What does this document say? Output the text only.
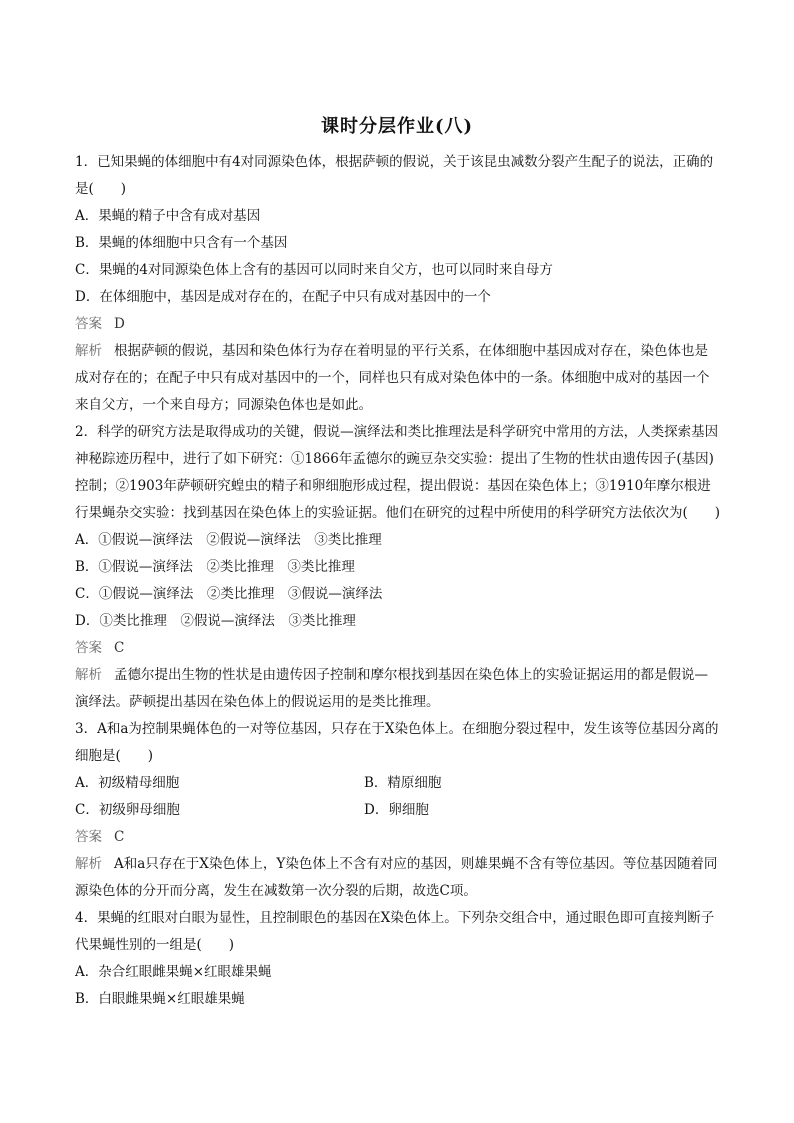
课时分层作业(八)

1．已知果蝇的体细胞中有4对同源染色体，根据萨顿的假说，关于该昆虫减数分裂产生配子的说法，正确的是(　　)

A．果蝇的精子中含有成对基因

B．果蝇的体细胞中只含有一个基因

C．果蝇的4对同源染色体上含有的基因可以同时来自父方，也可以同时来自母方

D．在体细胞中，基因是成对存在的，在配子中只有成对基因中的一个

答案 D

解析 根据萨顿的假说，基因和染色体行为存在着明显的平行关系，在体细胞中基因成对存在，染色体也是成对存在的；在配子中只有成对基因中的一个，同样也只有成对染色体中的一条。体细胞中成对的基因一个来自父方，一个来自母方；同源染色体也是如此。

2．科学的研究方法是取得成功的关键，假说—演绎法和类比推理法是科学研究中常用的方法，人类探索基因神秘踪迹历程中，进行了如下研究：①1866年孟德尔的豌豆杂交实验：提出了生物的性状由遗传因子(基因)控制；②1903年萨顿研究蝗虫的精子和卵细胞形成过程，提出假说：基因在染色体上；③1910年摩尔根进行果蝇杂交实验：找到基因在染色体上的实验证据。他们在研究的过程中所使用的科学研究方法依次为(　　)

A．①假说—演绎法　②假说—演绎法　③类比推理

B．①假说—演绎法　②类比推理　③类比推理

C．①假说—演绎法　②类比推理　③假说—演绎法

D．①类比推理　②假说—演绎法　③类比推理

答案 C

解析 孟德尔提出生物的性状是由遗传因子控制和摩尔根找到基因在染色体上的实验证据运用的都是假说—演绎法。萨顿提出基因在染色体上的假说运用的是类比推理。

3．A和a为控制果蝇体色的一对等位基因，只存在于X染色体上。在细胞分裂过程中，发生该等位基因分离的细胞是(　　)

A．初级精母细胞	B．精原细胞
C．初级卵母细胞	D．卵细胞

答案 C

解析 A和a只存在于X染色体上，Y染色体上不含有对应的基因，则雄果蝇不含有等位基因。等位基因随着同源染色体的分开而分离，发生在减数第一次分裂的后期，故选C项。

4．果蝇的红眼对白眼为显性，且控制眼色的基因在X染色体上。下列杂交组合中，通过眼色即可直接判断子代果蝇性别的一组是(　　)

A．杂合红眼雌果蝇×红眼雄果蝇

B．白眼雌果蝇×红眼雄果蝇
